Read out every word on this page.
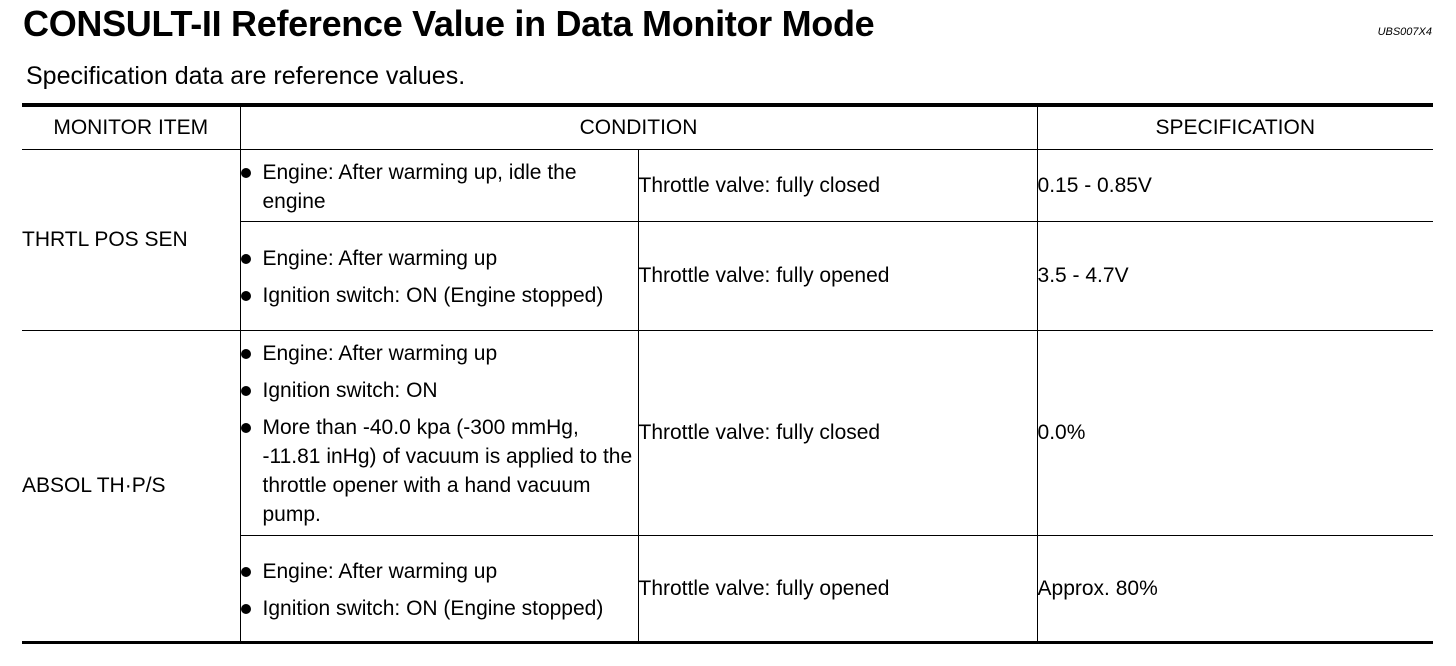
CONSULT-II Reference Value in Data Monitor Mode	UBS007X4
Specification data are reference values.
MONITOR ITEM	CONDITION		SPECIFICATION
THRTL POS SEN	Engine: After warming up, idle the engine	Throttle valve: fully closed	0.15 - 0.85V

Engine: After warming up
Ignition switch: ON (Engine stopped)	Throttle valve: fully opened	3.5 - 4.7V
ABSOL TH·P/S	Engine: After warming up
Ignition switch: ON
More than -40.0 kpa (-300 mmHg, -11.81 inHg) of vacuum is applied to the throttle opener with a hand vacuum pump.	Throttle valve: fully closed	0.0%

Engine: After warming up
Ignition switch: ON (Engine stopped)	Throttle valve: fully opened	Approx. 80%
